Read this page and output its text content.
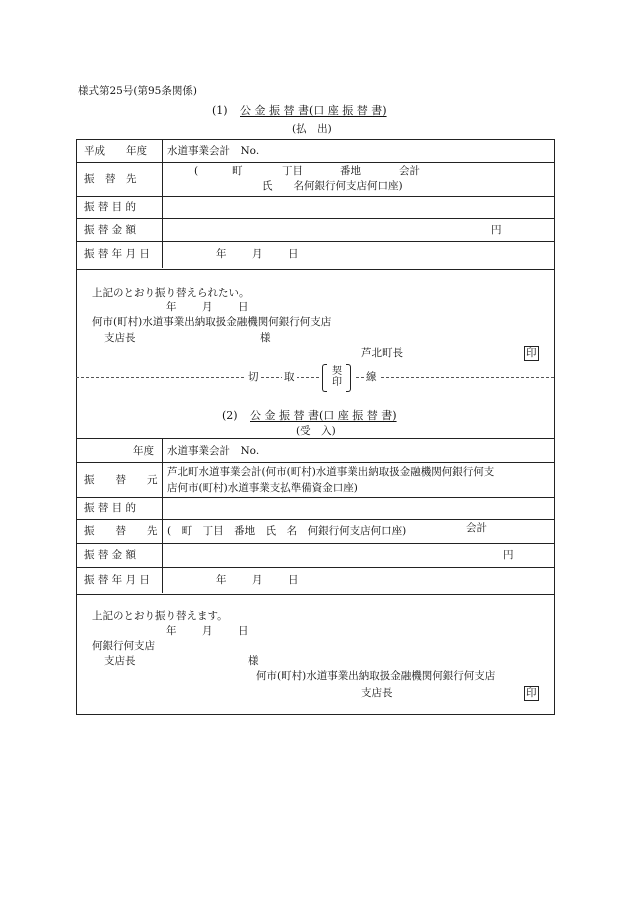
様式第25号(第95条関係)
(1) 公 金 振 替 書(口 座 振 替 書)
(払　出)
平成　　年度 水道事業会計　No.
振　替　先
(	町	丁目	番地	会計
氏　　名何銀行何支店何口座)
振 替 目 的
振 替 金 額	円
振 替 年 月 日	年 月 日
上記のとおり振り替えられたい。
年 月 日
何市(町村)水道事業出納取扱金融機関何銀行何支店
支店長	様
芦北町長	印
切 取	契
印 線
(2) 公 金 振 替 書(口 座 振 替 書)
(受　入)
年度 水道事業会計　No.
振　　替　　元
芦北町水道事業会計(何市(町村)水道事業出納取扱金融機関何銀行何支
店何市(町村)水道事業支払準備資金口座)
振 替 目 的
振　　替　　先 (　町　丁目　番地　氏　名　何銀行何支店何口座)	会計
振 替 金 額	円
振 替 年 月 日	年 月 日
上記のとおり振り替えます。
年 月 日
何銀行何支店
支店長	様
何市(町村)水道事業出納取扱金融機関何銀行何支店
支店長	印
